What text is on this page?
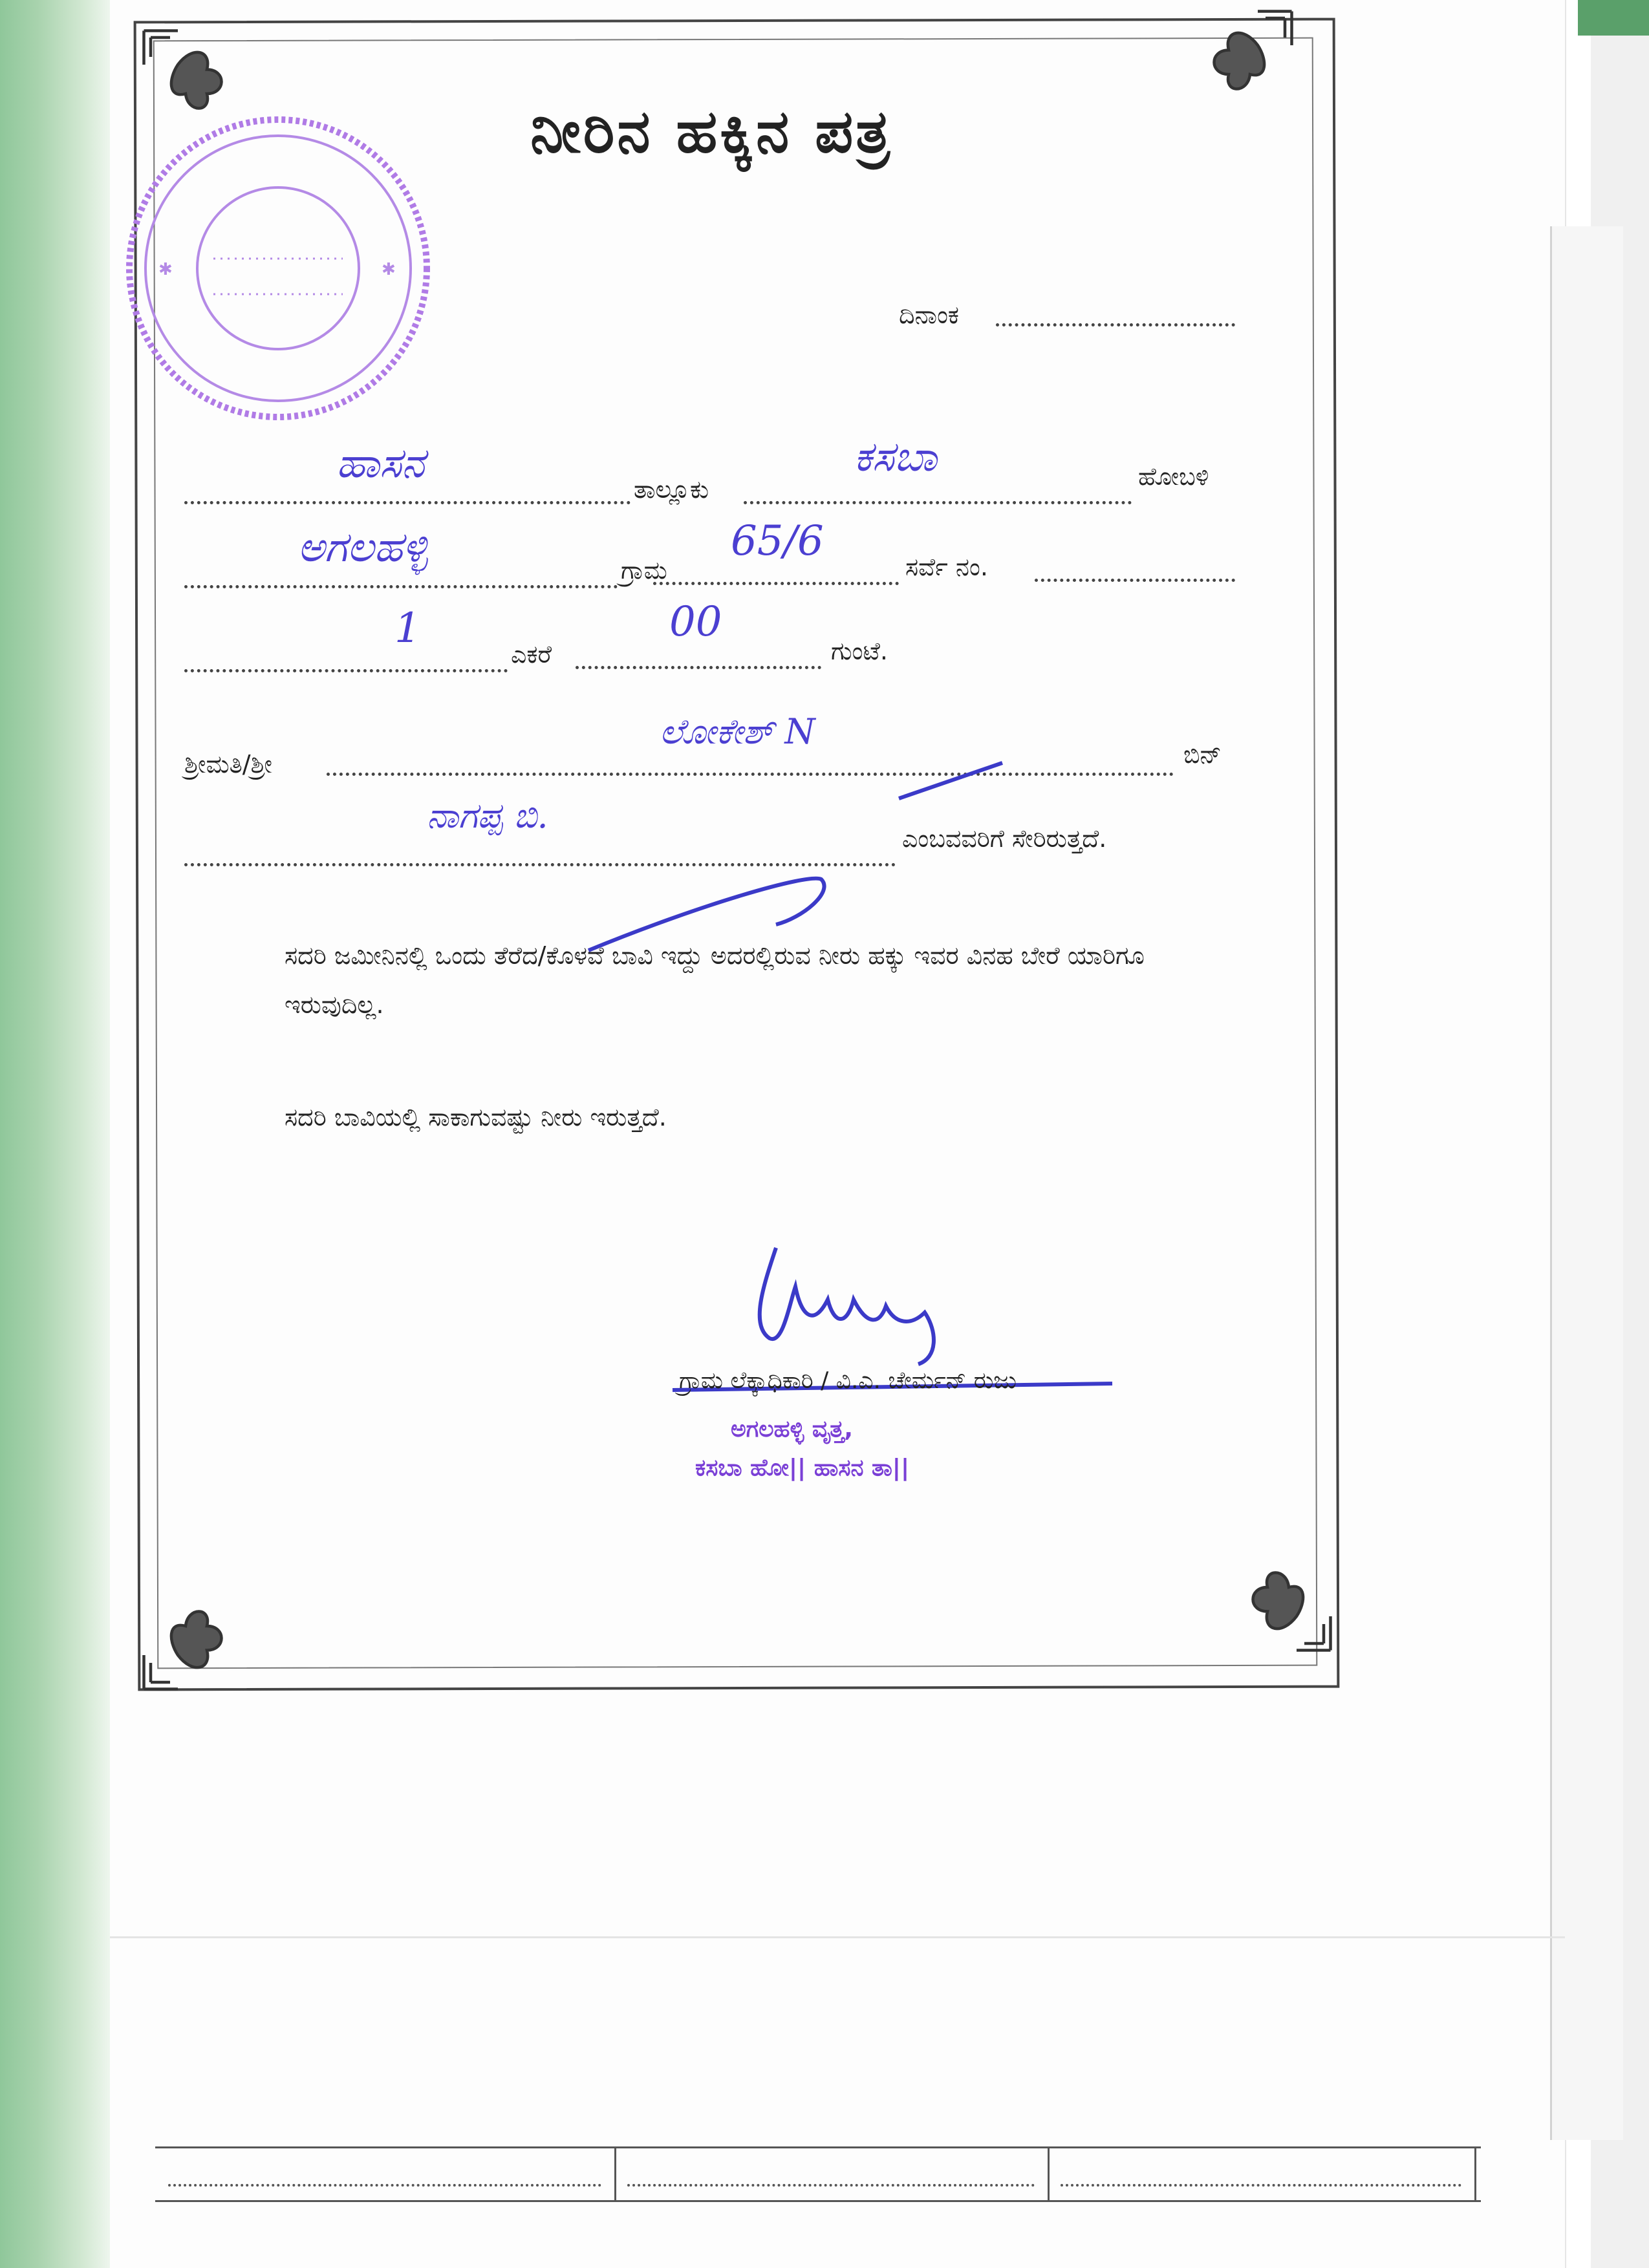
✱	✱
ನೀರಿನ ಹಕ್ಕಿನ ಪತ್ರ
ದಿನಾಂಕ
ಹಾಸನ
ತಾಲ್ಲೂಕು
ಕಸಬಾ	ಹೋಬಳಿ
ಅಗಲಹಳ್ಳಿ	ಗ್ರಾಮ
65/6
ಸರ್ವೆ ನಂ.
1
ಎಕರೆ
00
ಗುಂಟೆ.
ಶ್ರೀಮತಿ/ಶ್ರೀ
ಲೋಕೇಶ್ N
ಬಿನ್
ನಾಗಪ್ಪ ಬಿ.
ಎಂಬವವರಿಗೆ ಸೇರಿರುತ್ತದೆ.
ಸದರಿ ಜಮೀನಿನಲ್ಲಿ ಒಂದು ತೆರೆದ/ಕೊಳವೆ ಬಾವಿ ಇದ್ದು ಅದರಲ್ಲಿರುವ ನೀರು ಹಕ್ಕು ಇವರ ವಿನಹ ಬೇರೆ ಯಾರಿಗೂ ಇರುವುದಿಲ್ಲ.
ಸದರಿ ಬಾವಿಯಲ್ಲಿ ಸಾಕಾಗುವಷ್ಟು ನೀರು ಇರುತ್ತದೆ.
ಗ್ರಾಮ ಲೆಕ್ಕಾಧಿಕಾರಿ / ವಿ.ಎ. ಚೇರ್ಮನ್ ರುಜು
ಅಗಲಹಳ್ಳಿ ವೃತ್ತ,
ಕಸಬಾ ಹೋ|| ಹಾಸನ ತಾ||
